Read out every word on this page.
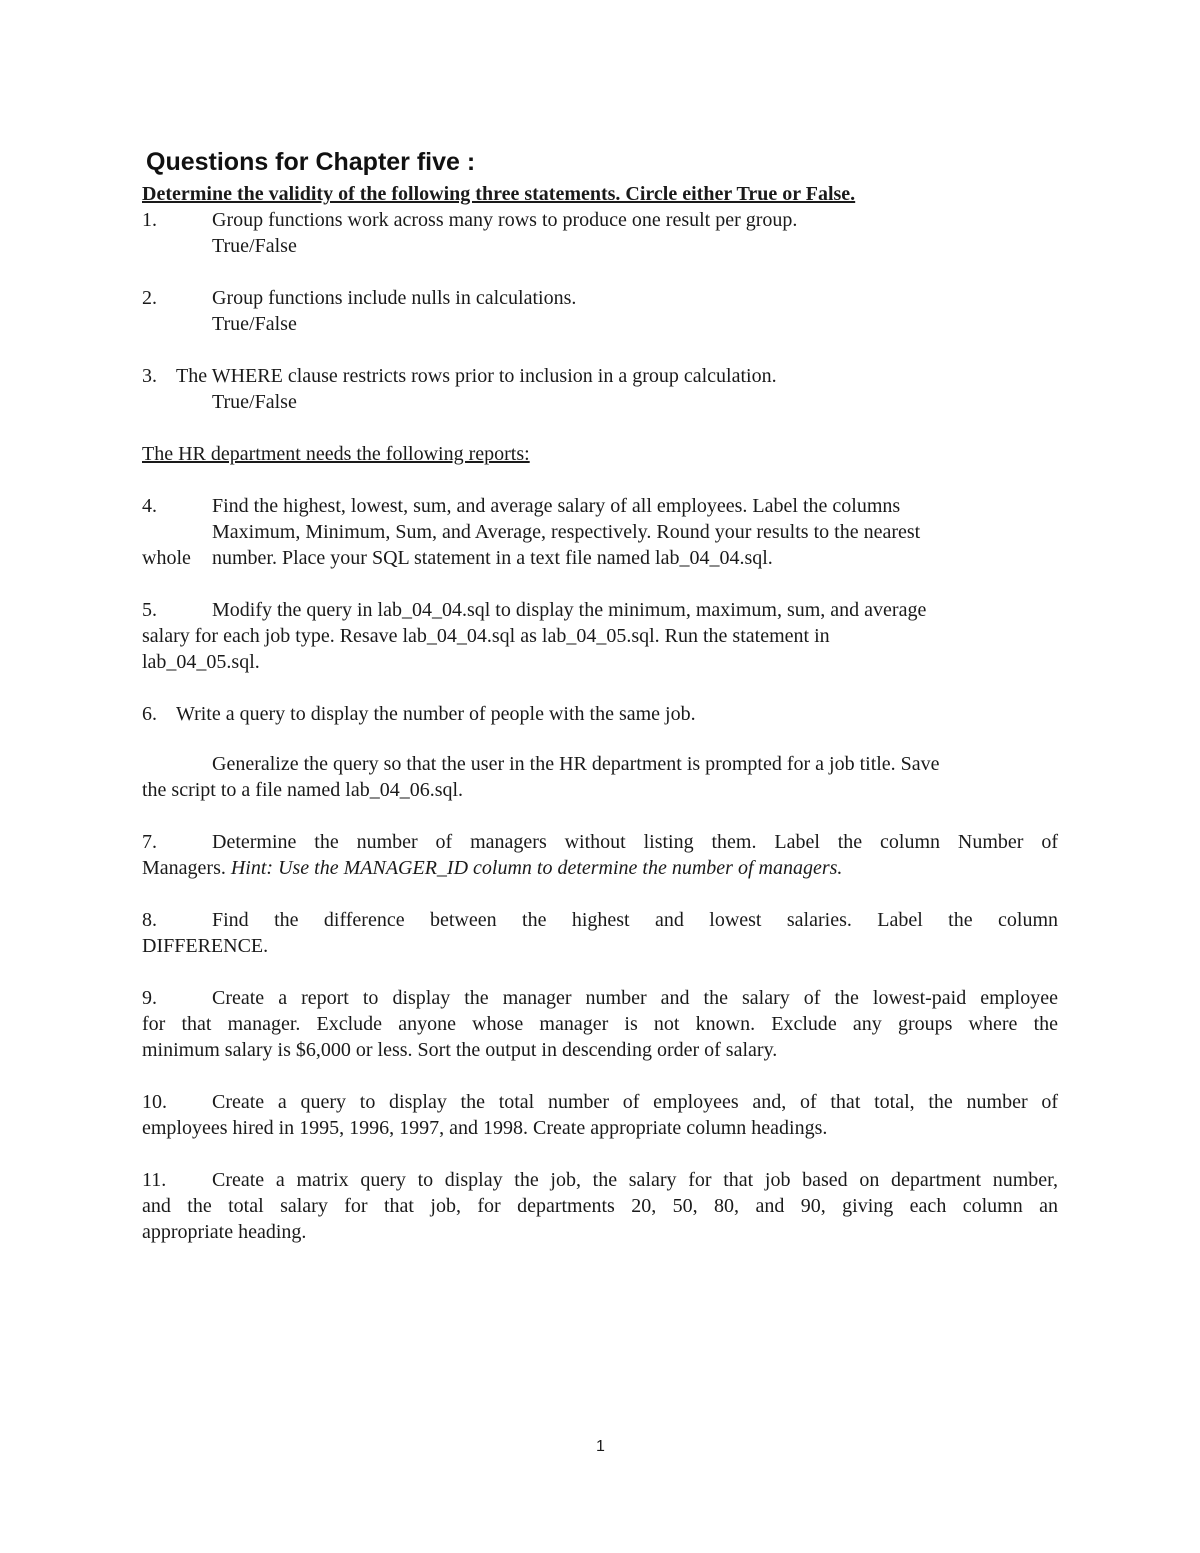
Questions for Chapter five :
Determine the validity of the following three statements. Circle either True or False.
1.	Group functions work across many rows to produce one result per group.
True/False
2.	Group functions include nulls in calculations.
True/False
3. The WHERE clause restricts rows prior to inclusion in a group calculation.
True/False
The HR department needs the following reports:
4.	Find the highest, lowest, sum, and average salary of all employees. Label the columns
Maximum, Minimum, Sum, and Average, respectively. Round your results to the nearest
whole number. Place your SQL statement in a text file named lab_04_04.sql.
5.	Modify the query in lab_04_04.sql to display the minimum, maximum, sum, and average
salary for each job type. Resave lab_04_04.sql as lab_04_05.sql. Run the statement in
lab_04_05.sql.
6. Write a query to display the number of people with the same job.
Generalize the query so that the user in the HR department is prompted for a job title. Save
the script to a file named lab_04_06.sql.
7.	Determine the number of managers without listing them. Label the column Number of
Managers. Hint: Use the MANAGER_ID column to determine the number of managers.
8.	Find the difference between the highest and lowest salaries. Label the column
DIFFERENCE.
9.	Create a report to display the manager number and the salary of the lowest-paid employee
for that manager. Exclude anyone whose manager is not known. Exclude any groups where the
minimum salary is $6,000 or less. Sort the output in descending order of salary.
10. Create a query to display the total number of employees and, of that total, the number of
employees hired in 1995, 1996, 1997, and 1998. Create appropriate column headings.
11. Create a matrix query to display the job, the salary for that job based on department number,
and the total salary for that job, for departments 20, 50, 80, and 90, giving each column an
appropriate heading.
1
